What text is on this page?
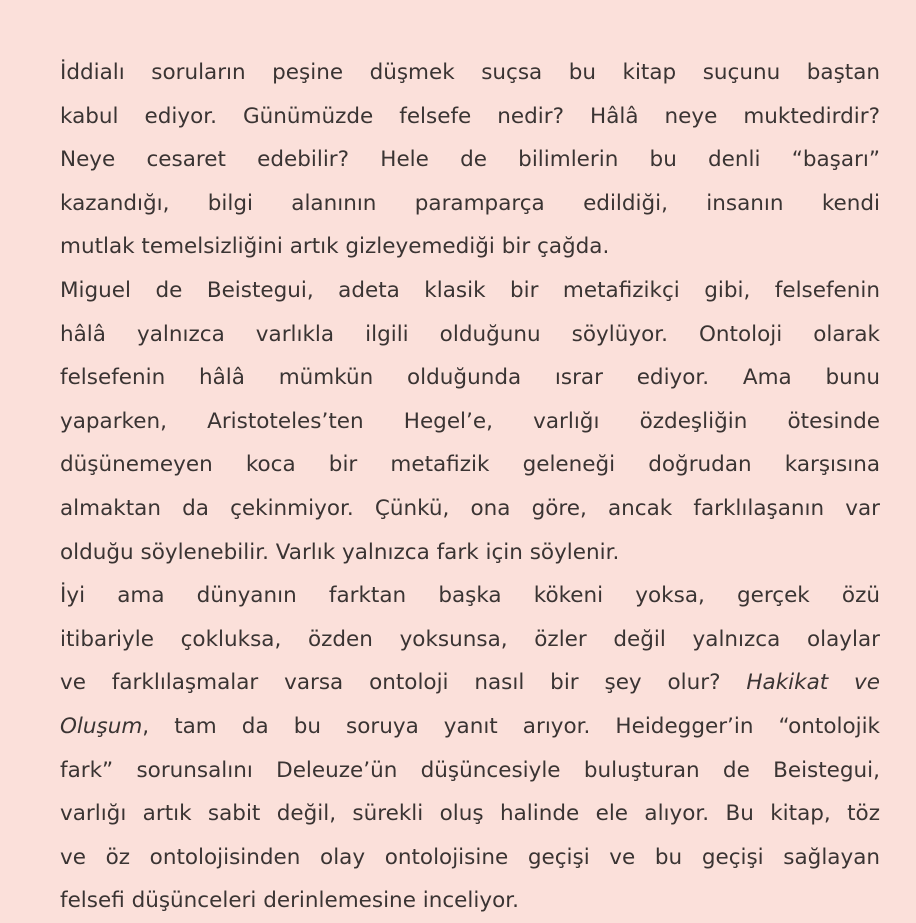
İddialı soruların peşine düşmek suçsa bu kitap suçunu baştan
kabul ediyor. Günümüzde felsefe nedir? Hâlâ neye muktedirdir?
Neye cesaret edebilir? Hele de bilimlerin bu denli “başarı”
kazandığı, bilgi alanının paramparça edildiği, insanın kendi
mutlak temelsizliğini artık gizleyemediği bir çağda.
Miguel de Beistegui, adeta klasik bir metafizikçi gibi, felsefenin
hâlâ yalnızca varlıkla ilgili olduğunu söylüyor. Ontoloji olarak
felsefenin hâlâ mümkün olduğunda ısrar ediyor. Ama bunu
yaparken, Aristoteles’ten Hegel’e, varlığı özdeşliğin ötesinde
düşünemeyen koca bir metafizik geleneği doğrudan karşısına
almaktan da çekinmiyor. Çünkü, ona göre, ancak farklılaşanın var
olduğu söylenebilir. Varlık yalnızca fark için söylenir.
İyi ama dünyanın farktan başka kökeni yoksa, gerçek özü
itibariyle çokluksa, özden yoksunsa, özler değil yalnızca olaylar
ve farklılaşmalar varsa ontoloji nasıl bir şey olur? Hakikat ve
Oluşum, tam da bu soruya yanıt arıyor. Heidegger’in “ontolojik
fark” sorunsalını Deleuze’ün düşüncesiyle buluşturan de Beistegui,
varlığı artık sabit değil, sürekli oluş halinde ele alıyor. Bu kitap, töz
ve öz ontolojisinden olay ontolojisine geçişi ve bu geçişi sağlayan
felsefi düşünceleri derinlemesine inceliyor.
